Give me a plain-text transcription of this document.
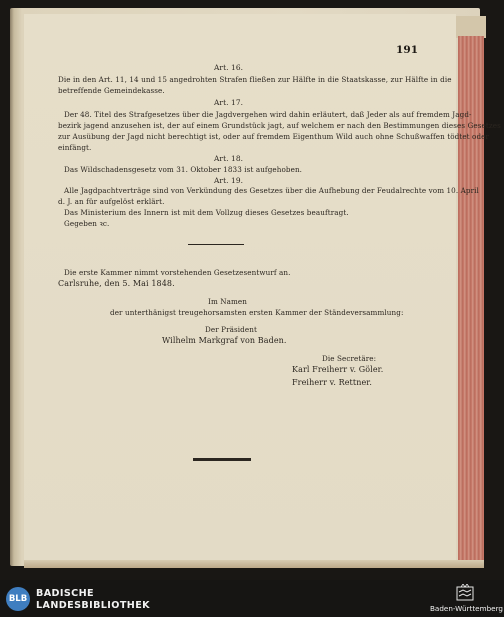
191
Art. 16.
Die in den Art. 11, 14 und 15 angedrohten Strafen fließen zur Hälfte in die Staatskasse, zur Hälfte in die
betreffende Gemeindekasse.
Art. 17.
Der 48. Titel des Strafgesetzes über die Jagdvergehen wird dahin erläutert, daß Jeder als auf fremdem Jagd-
bezirk jagend anzusehen ist, der auf einem Grundstück jagt, auf welchem er nach den Bestimmungen dieses Gesetzes
zur Ausübung der Jagd nicht berechtigt ist, oder auf fremdem Eigenthum Wild auch ohne Schußwaffen tödtet oder
einfängt.
Art. 18.
Das Wildschadensgesetz vom 31. Oktober 1833 ist aufgehoben.
Art. 19.
Alle Jagdpachtverträge sind von Verkündung des Gesetzes über die Aufhebung der Feudalrechte vom 10. April
d. J. an für aufgelöst erklärt.
Das Ministerium des Innern ist mit dem Vollzug dieses Gesetzes beauftragt.
Gegeben ꝛc.
Die erste Kammer nimmt vorstehenden Gesetzesentwurf an.
Carlsruhe, den 5. Mai 1848.
Im Namen
der unterthänigst treugehorsamsten ersten Kammer der Ständeversammlung:
Der Präsident
Wilhelm Markgraf von Baden.
Die Secretäre:
Karl Freiherr v. Göler.
Freiherr v. Rettner.
BLB BADISCHE
LANDESBIBLIOTHEK	Baden-Württemberg
